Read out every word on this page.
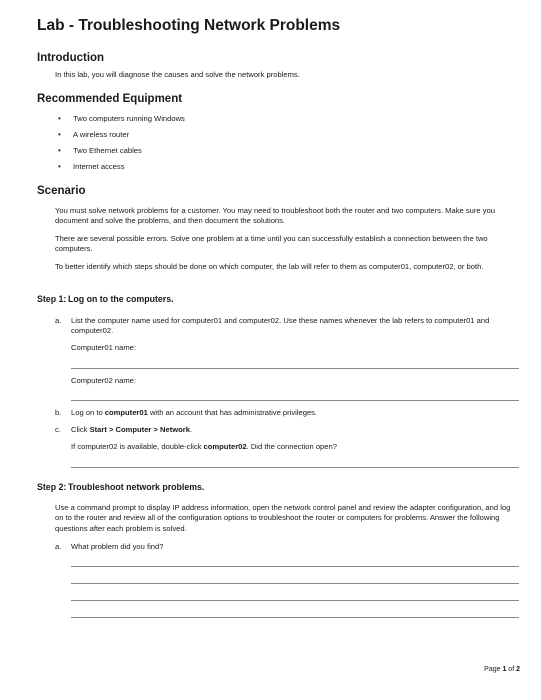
Lab - Troubleshooting Network Problems
Introduction

In this lab, you will diagnose the causes and solve the network problems.

Recommended Equipment
• Two computers running Windows
• A wireless router
• Two Ethernet cables
• Internet access
Scenario

You must solve network problems for a customer. You may need to troubleshoot both the router and two computers. Make sure you document and solve the problems, and then document the solutions.

There are several possible errors. Solve one problem at a time until you can successfully establish a connection between the two computers.

To better identify which steps should be done on which computer, the lab will refer to them as computer01, computer02, or both.

Step 1: Log on to the computers.
a. List the computer name used for computer01 and computer02. Use these names whenever the lab refers to computer01 and computer02.
Computer01 name:
Computer02 name:
b. Log on to computer01 with an account that has administrative privileges.
c. Click Start > Computer > Network.
If computer02 is available, double-click computer02. Did the connection open?
Step 2: Troubleshoot network problems.

Use a command prompt to display IP address information, open the network control panel and review the adapter configuration, and log on to the router and review all of the configuration options to troubleshoot the router or computers for problems. Answer the following questions after each problem is solved.

a. What problem did you find?
Page 1 of 2
